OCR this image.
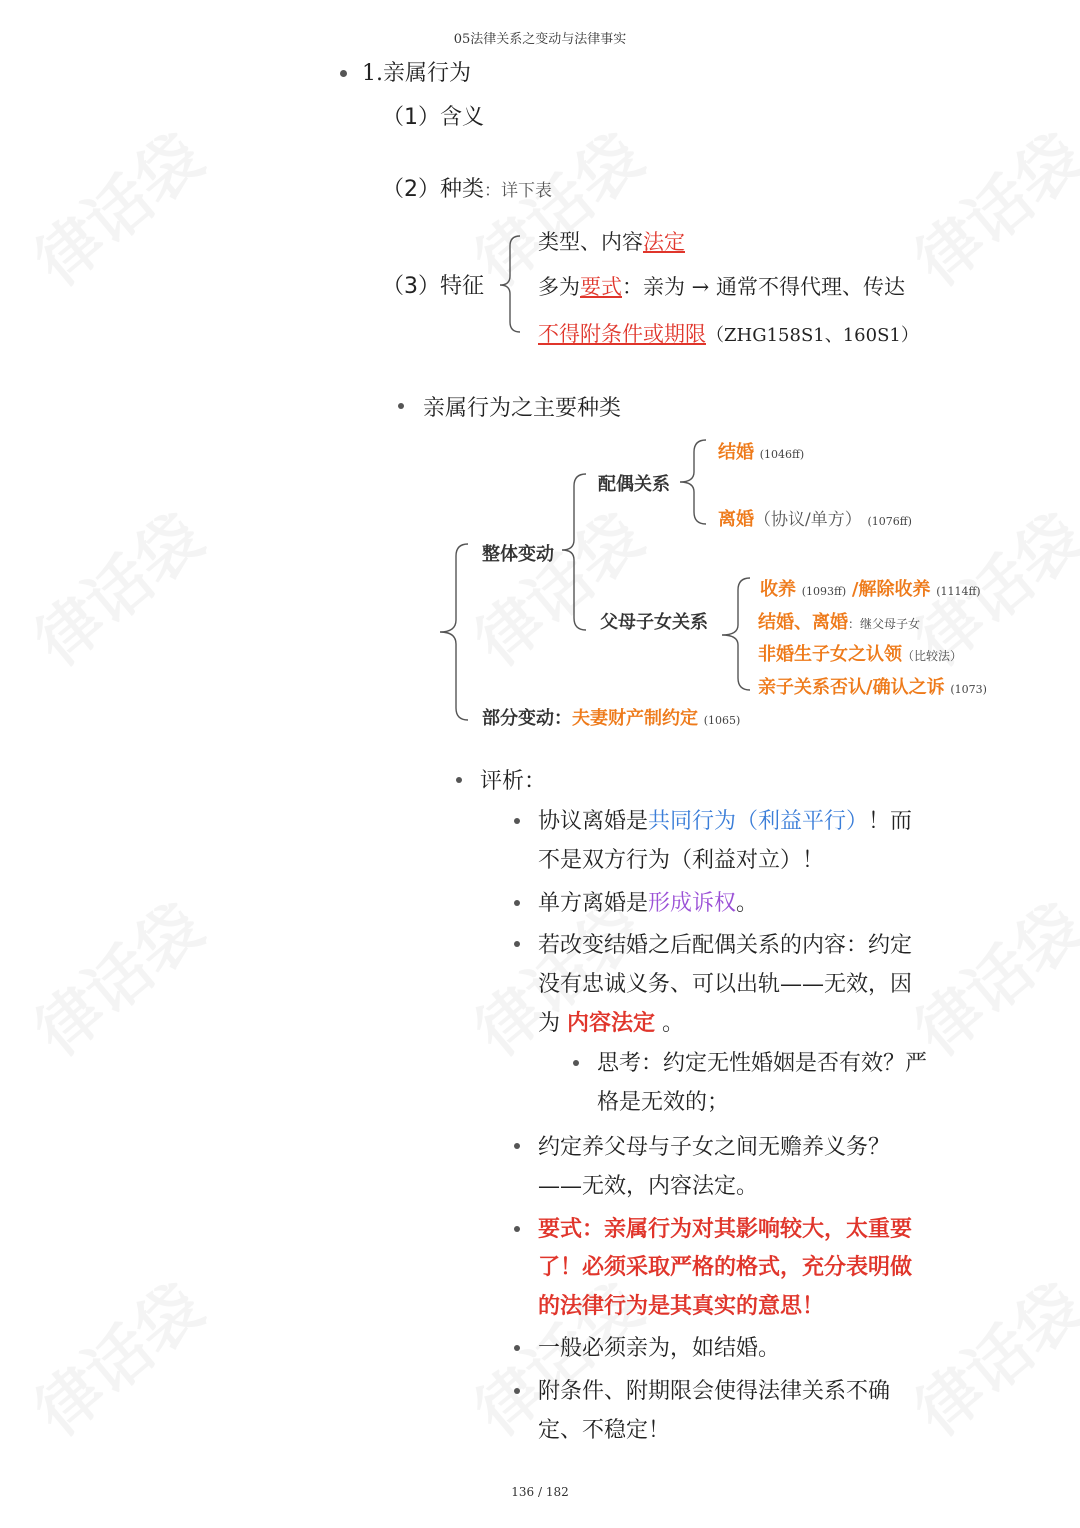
05法律关系之变动与法律事实
1.亲属行为
（1）含义
（2）种类：详下表
（3）特征
类型、内容法定
多为要式：亲为 → 通常不得代理、传达
不得附条件或期限（ZHG158S1、160S1）
亲属行为之主要种类
整体变动
部分变动：夫妻财产制约定 (1065)
配偶关系
父母子女关系
结婚 (1046ff)
离婚（协议/单方） (1076ff)
收养 (1093ff) /解除收养 (1114ff)
结婚、离婚：继父母子女
非婚生子女之认领（比较法）
亲子关系否认/确认之诉 (1073)
评析：
协议离婚是共同行为（利益平行）！而
不是双方行为（利益对立）！
单方离婚是形成诉权。
若改变结婚之后配偶关系的内容：约定
没有忠诚义务、可以出轨——无效，因
为 内容法定 。
思考：约定无性婚姻是否有效？严
格是无效的；
约定养父母与子女之间无赡养义务？
——无效，内容法定。
要式：亲属行为对其影响较大，太重要
了！必须采取严格的格式，充分表明做
的法律行为是其真实的意思！
一般必须亲为，如结婚。
附条件、附期限会使得法律关系不确
定、不稳定！
136 / 182
